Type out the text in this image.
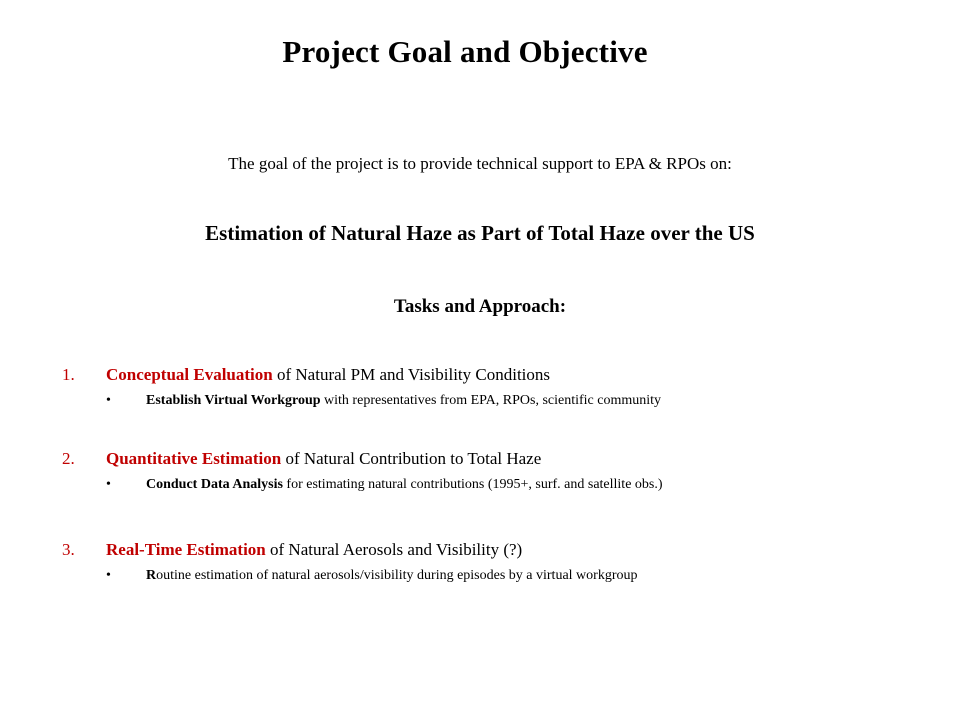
Project Goal and Objective
The goal of the project is to provide technical support to EPA & RPOs on:
Estimation of Natural Haze as Part of Total Haze over the US
Tasks and Approach:
1. Conceptual Evaluation of Natural PM and Visibility Conditions
•	Establish Virtual Workgroup with representatives from EPA, RPOs, scientific community
2. Quantitative Estimation of Natural Contribution to Total Haze
•	Conduct Data Analysis for estimating natural contributions (1995+, surf. and satellite obs.)
3. Real-Time Estimation of Natural Aerosols and Visibility (?)
•	Routine estimation of natural aerosols/visibility during episodes by a virtual workgroup
